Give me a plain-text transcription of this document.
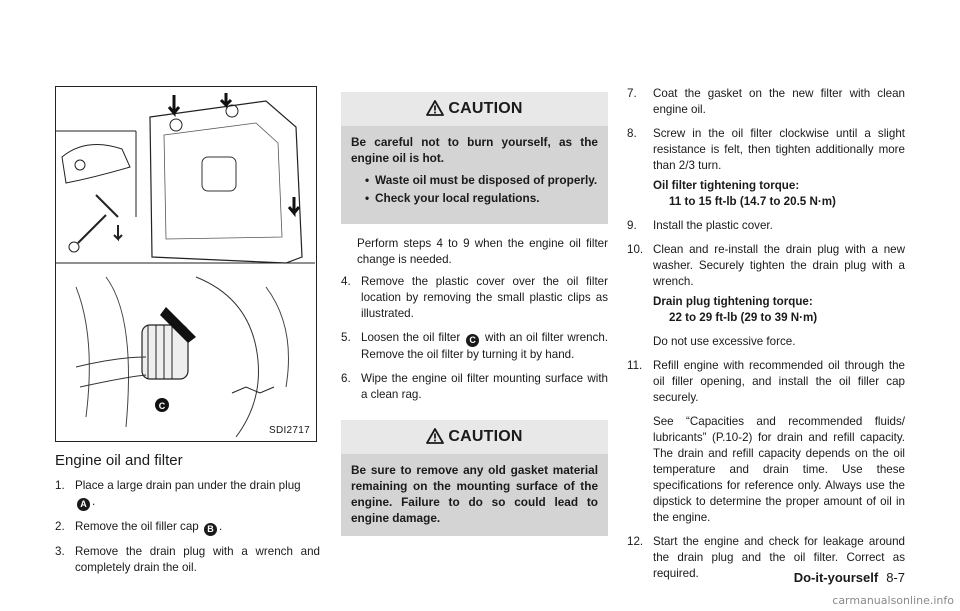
C
SDI2717
Engine oil and filter
1. Place a large drain pan under the drain plug
A .
2. Remove the oil filler cap B .
3. Remove the drain plug with a wrench and completely drain the oil.
CAUTION

Be careful not to burn yourself, as the engine oil is hot.

• Waste oil must be disposed of properly.
• Check your local regulations.
Perform steps 4 to 9 when the engine oil filter change is needed.
4. Remove the plastic cover over the oil filter location by removing the small plastic clips as illustrated.
5. Loosen the oil filter C with an oil filter wrench. Remove the oil filter by turning it by hand.
6. Wipe the engine oil filter mounting surface with a clean rag.
CAUTION

Be sure to remove any old gasket material remaining on the mounting surface of the engine. Failure to do so could lead to engine damage.

7. Coat the gasket on the new filter with clean engine oil.
8. Screw in the oil filter clockwise until a slight resistance is felt, then tighten additionally more than 2/3 turn.
Oil filter tightening torque:
11 to 15 ft-lb (14.7 to 20.5 N·m)
9. Install the plastic cover.
10. Clean and re-install the drain plug with a new washer. Securely tighten the drain plug with a wrench.
Drain plug tightening torque:
22 to 29 ft-lb (29 to 39 N·m)
Do not use excessive force.
11. Refill engine with recommended oil through the oil filler opening, and install the oil filler cap securely.
See “Capacities and recommended fluids/ lubricants” (P.10-2) for drain and refill capacity. The drain and refill capacity depends on the oil temperature and drain time. Use these specifications for reference only. Always use the dipstick to determine the proper amount of oil in the engine.
12. Start the engine and check for leakage around the drain plug and the oil filter. Correct as required.	Do-it-yourself 8-7
carmanualsonline.info
